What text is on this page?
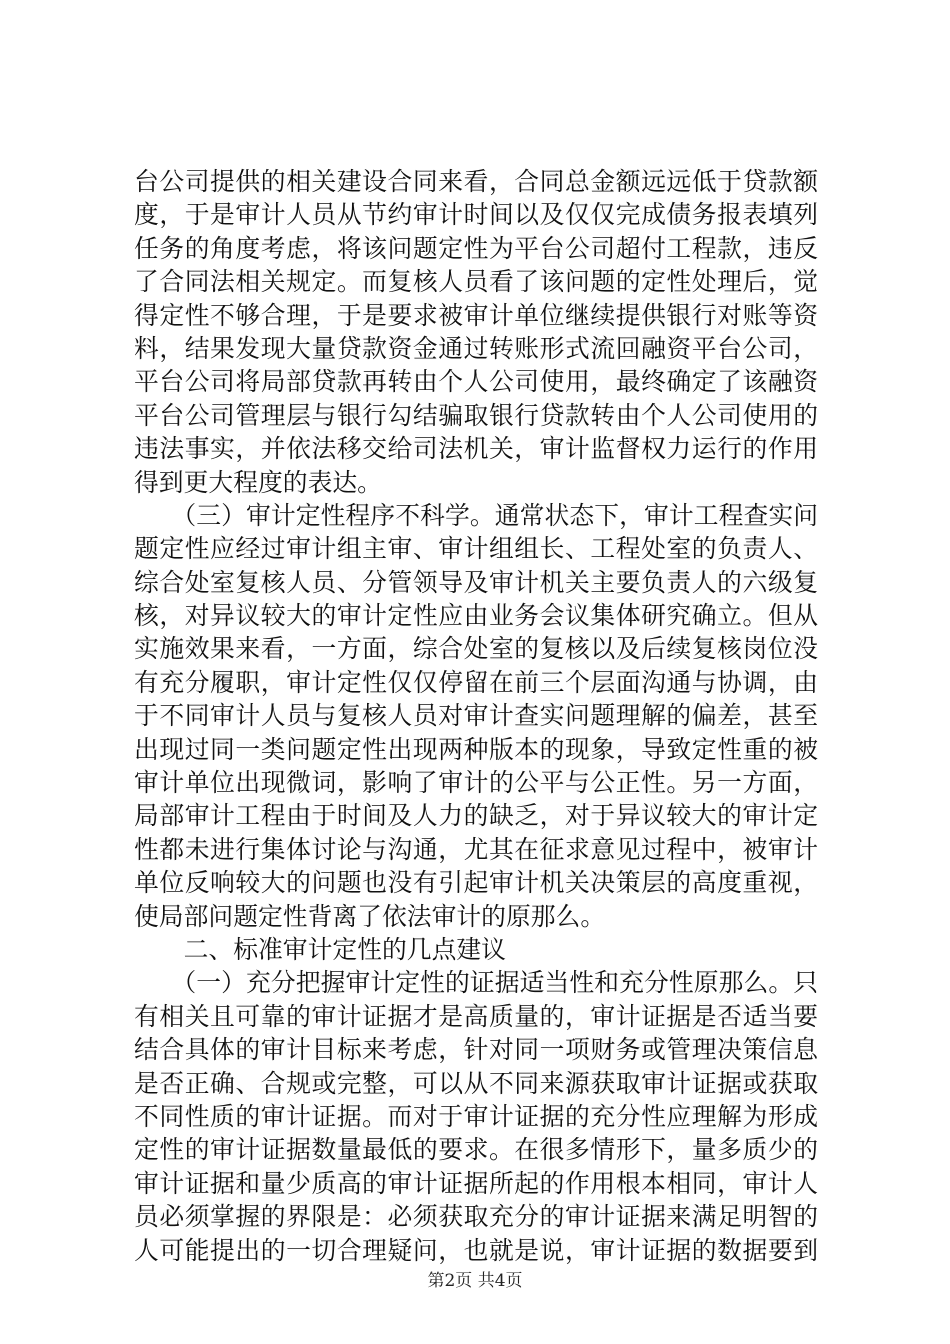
台公司提供的相关建设合同来看，合同总金额远远低于贷款额
度，于是审计人员从节约审计时间以及仅仅完成债务报表填列
任务的角度考虑，将该问题定性为平台公司超付工程款，违反
了合同法相关规定。而复核人员看了该问题的定性处理后，觉
得定性不够合理，于是要求被审计单位继续提供银行对账等资
料，结果发现大量贷款资金通过转账形式流回融资平台公司，
平台公司将局部贷款再转由个人公司使用，最终确定了该融资
平台公司管理层与银行勾结骗取银行贷款转由个人公司使用的
违法事实，并依法移交给司法机关，审计监督权力运行的作用
得到更大程度的表达。
　　（三）审计定性程序不科学。通常状态下，审计工程查实问
题定性应经过审计组主审、审计组组长、工程处室的负责人、
综合处室复核人员、分管领导及审计机关主要负责人的六级复
核，对异议较大的审计定性应由业务会议集体研究确立。但从
实施效果来看，一方面，综合处室的复核以及后续复核岗位没
有充分履职，审计定性仅仅停留在前三个层面沟通与协调，由
于不同审计人员与复核人员对审计查实问题理解的偏差，甚至
出现过同一类问题定性出现两种版本的现象，导致定性重的被
审计单位出现微词，影响了审计的公平与公正性。另一方面，
局部审计工程由于时间及人力的缺乏，对于异议较大的审计定
性都未进行集体讨论与沟通，尤其在征求意见过程中，被审计
单位反响较大的问题也没有引起审计机关决策层的高度重视，
使局部问题定性背离了依法审计的原那么。
　　二、标准审计定性的几点建议
　　（一）充分把握审计定性的证据适当性和充分性原那么。只
有相关且可靠的审计证据才是高质量的，审计证据是否适当要
结合具体的审计目标来考虑，针对同一项财务或管理决策信息
是否正确、合规或完整，可以从不同来源获取审计证据或获取
不同性质的审计证据。而对于审计证据的充分性应理解为形成
定性的审计证据数量最低的要求。在很多情形下，量多质少的
审计证据和量少质高的审计证据所起的作用根本相同，审计人
员必须掌握的界限是：必须获取充分的审计证据来满足明智的
人可能提出的一切合理疑问，也就是说，审计证据的数据要到
第2页 共4页
